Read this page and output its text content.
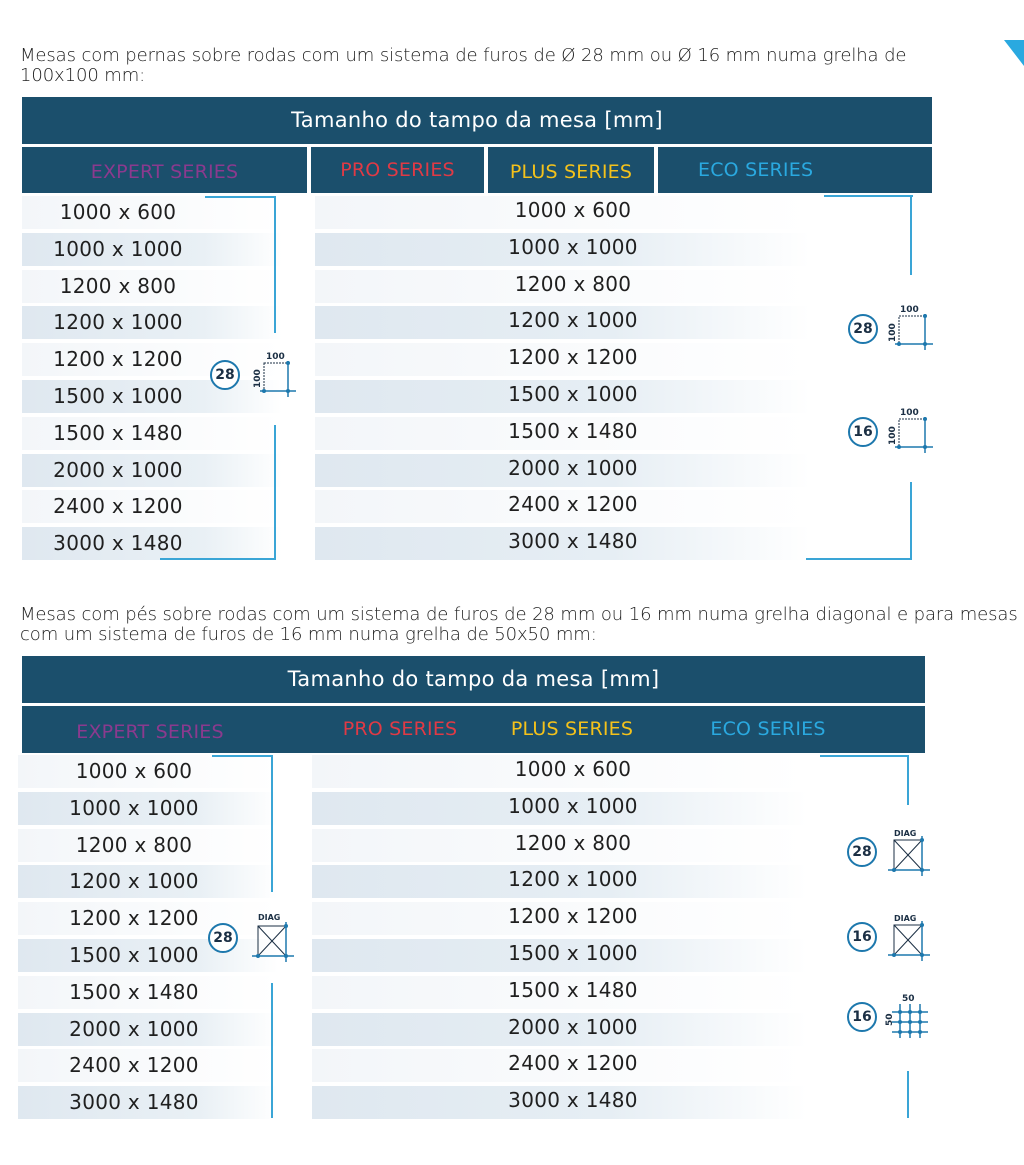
Mesas com pernas sobre rodas com um sistema de furos de Ø 28 mm ou Ø 16 mm numa grelha de 100x100 mm:

Tamanho do tampo da mesa [mm]
EXPERT SERIES	PRO SERIES	PLUS SERIES	ECO SERIES
1000 x 600	1000 x 600
1000 x 1000	1000 x 1000
1200 x 800	1200 x 800
1200 x 1000	1200 x 1000
1200 x 1200	1200 x 1200
1500 x 1000	1500 x 1000
1500 x 1480	1500 x 1480
2000 x 1000	2000 x 1000
2400 x 1200	2400 x 1200
3000 x 1480	3000 x 1480
28
100
100
28
100
100
16
100
100

Mesas com pés sobre rodas com um sistema de furos de 28 mm ou 16 mm numa grelha diagonal e para mesas com um sistema de furos de 16 mm numa grelha de 50x50 mm:

Tamanho do tampo da mesa [mm]
EXPERT SERIES	PRO SERIES	PLUS SERIES	ECO SERIES
1000 x 600	1000 x 600
1000 x 1000	1000 x 1000
1200 x 800	1200 x 800
1200 x 1000	1200 x 1000
1200 x 1200	1200 x 1200
1500 x 1000	1500 x 1000
1500 x 1480	1500 x 1480
2000 x 1000	2000 x 1000
2400 x 1200	2400 x 1200
3000 x 1480	3000 x 1480
28
DIAG
28
DIAG
16
DIAG
16
50
50
